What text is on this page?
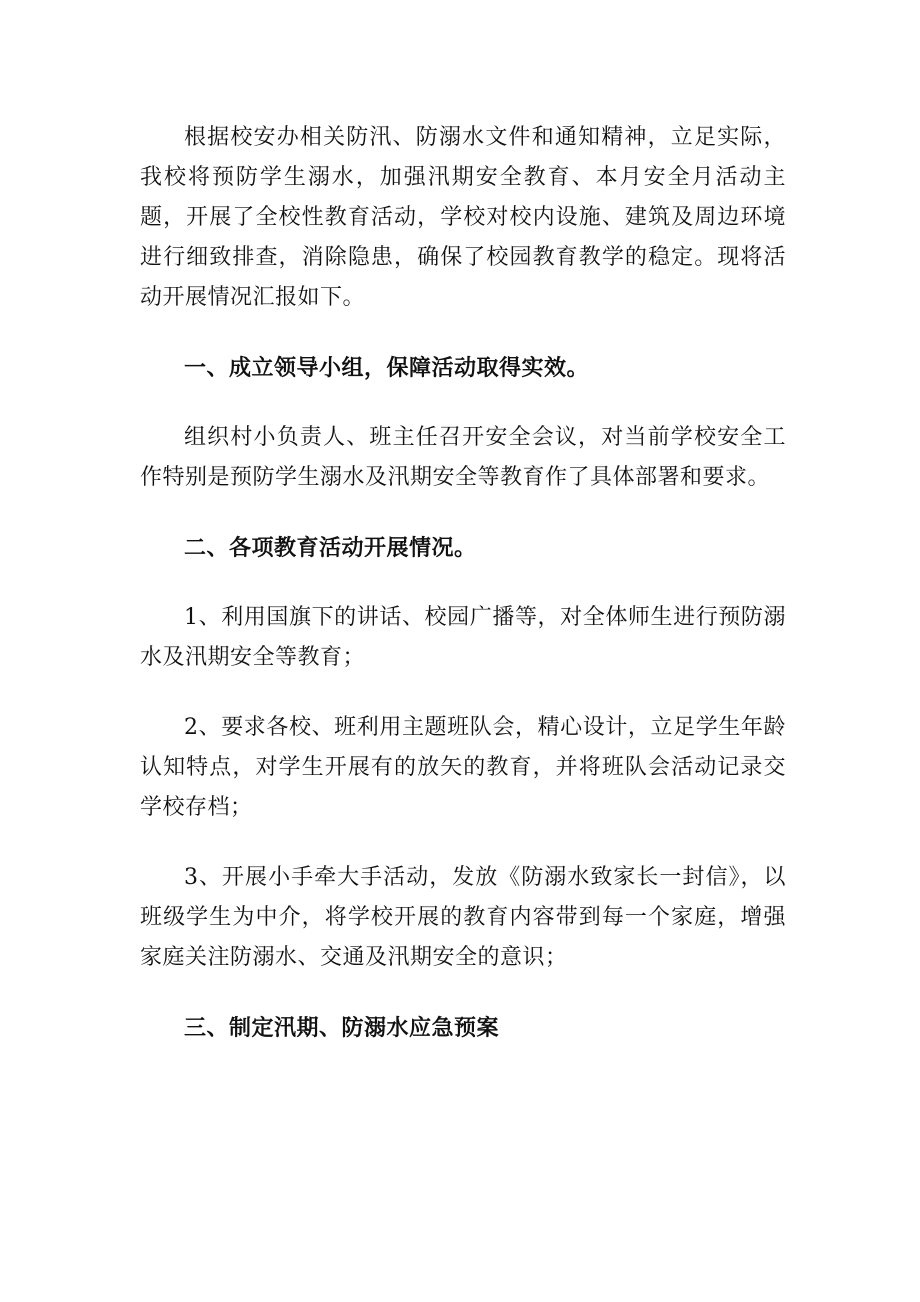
根据校安办相关防汛、防溺水文件和通知精神，立足实际，我校将预防学生溺水，加强汛期安全教育、本月安全月活动主题，开展了全校性教育活动，学校对校内设施、建筑及周边环境进行细致排查，消除隐患，确保了校园教育教学的稳定。现将活动开展情况汇报如下。

一、成立领导小组，保障活动取得实效。

组织村小负责人、班主任召开安全会议，对当前学校安全工作特别是预防学生溺水及汛期安全等教育作了具体部署和要求。

二、各项教育活动开展情况。

1、利用国旗下的讲话、校园广播等，对全体师生进行预防溺水及汛期安全等教育；

2、要求各校、班利用主题班队会，精心设计，立足学生年龄认知特点，对学生开展有的放矢的教育，并将班队会活动记录交学校存档；

3、开展小手牵大手活动，发放《防溺水致家长一封信》，以班级学生为中介，将学校开展的教育内容带到每一个家庭，增强家庭关注防溺水、交通及汛期安全的意识；

三、制定汛期、防溺水应急预案
